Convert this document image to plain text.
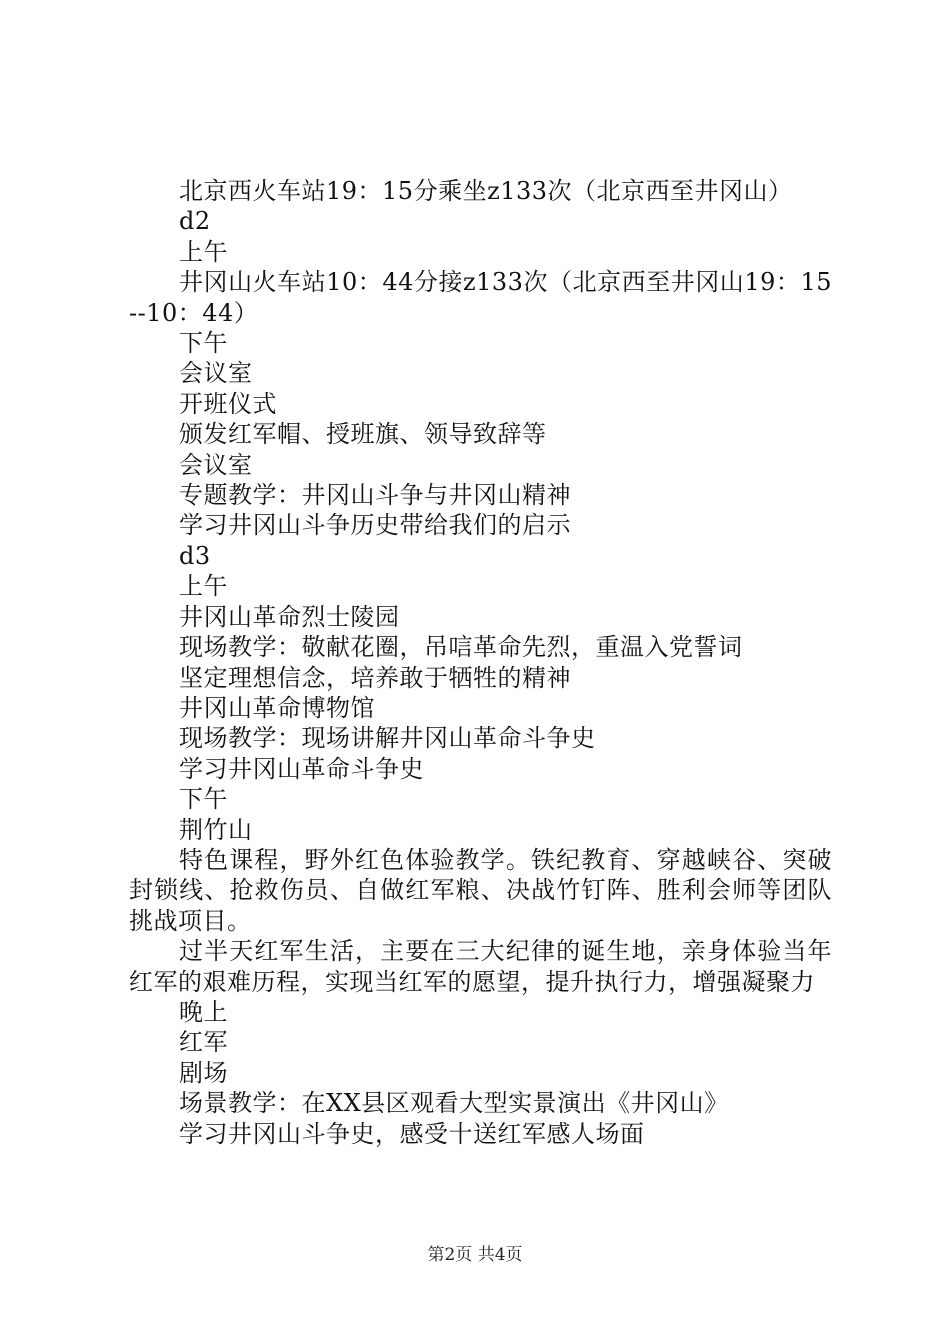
北京西火车站19：15分乘坐z133次（北京西至井冈山）
d2
上午
井冈山火车站10：44分接z133次（北京西至井冈山19：15--10：44）
下午
会议室
开班仪式
颁发红军帽、授班旗、领导致辞等
会议室
专题教学：井冈山斗争与井冈山精神
学习井冈山斗争历史带给我们的启示
d3
上午
井冈山革命烈士陵园
现场教学：敬献花圈，吊唁革命先烈，重温入党誓词
坚定理想信念，培养敢于牺牲的精神
井冈山革命博物馆
现场教学：现场讲解井冈山革命斗争史
学习井冈山革命斗争史
下午
荆竹山
特色课程，野外红色体验教学。铁纪教育、穿越峡谷、突破封锁线、抢救伤员、自做红军粮、决战竹钉阵、胜利会师等团队挑战项目。
过半天红军生活，主要在三大纪律的诞生地，亲身体验当年红军的艰难历程，实现当红军的愿望，提升执行力，增强凝聚力
晚上
红军
剧场
场景教学：在XX县区观看大型实景演出《井冈山》
学习井冈山斗争史，感受十送红军感人场面
第2页 共4页
